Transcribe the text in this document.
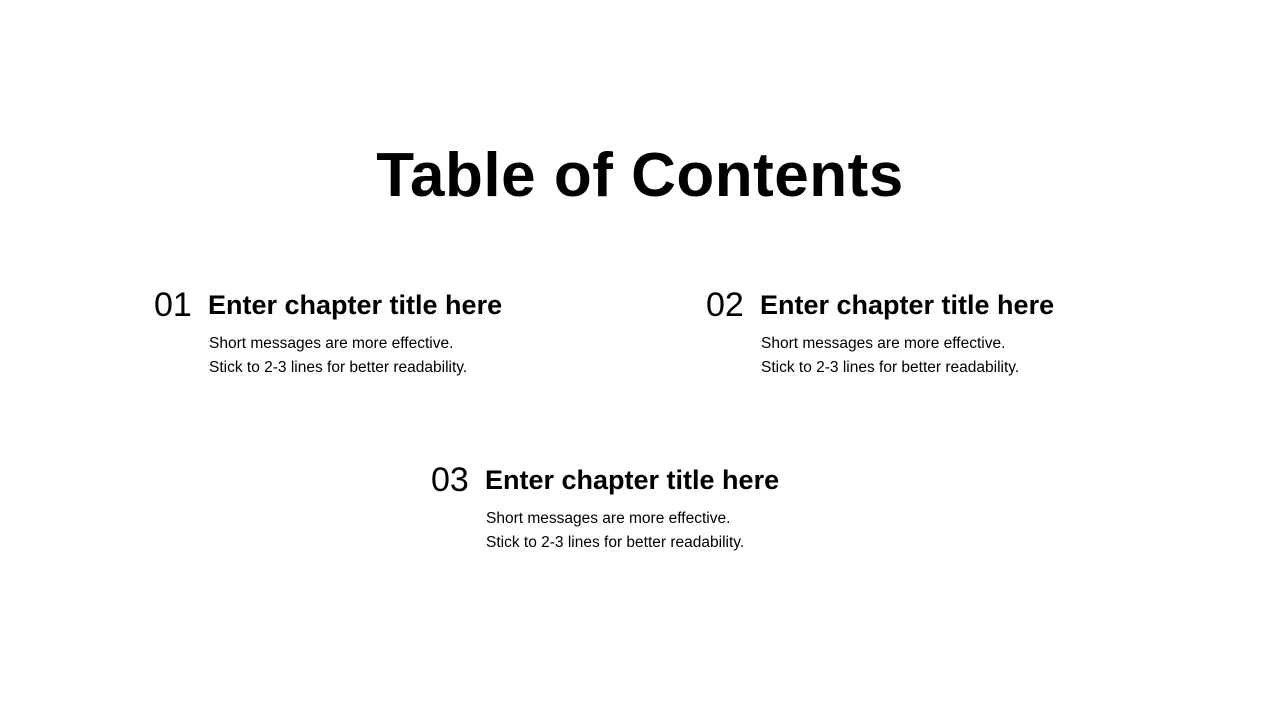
Table of Contents
01 Enter chapter title here
Short messages are more effective.
Stick to 2-3 lines for better readability.
02 Enter chapter title here
Short messages are more effective.
Stick to 2-3 lines for better readability.
03 Enter chapter title here
Short messages are more effective.
Stick to 2-3 lines for better readability.
